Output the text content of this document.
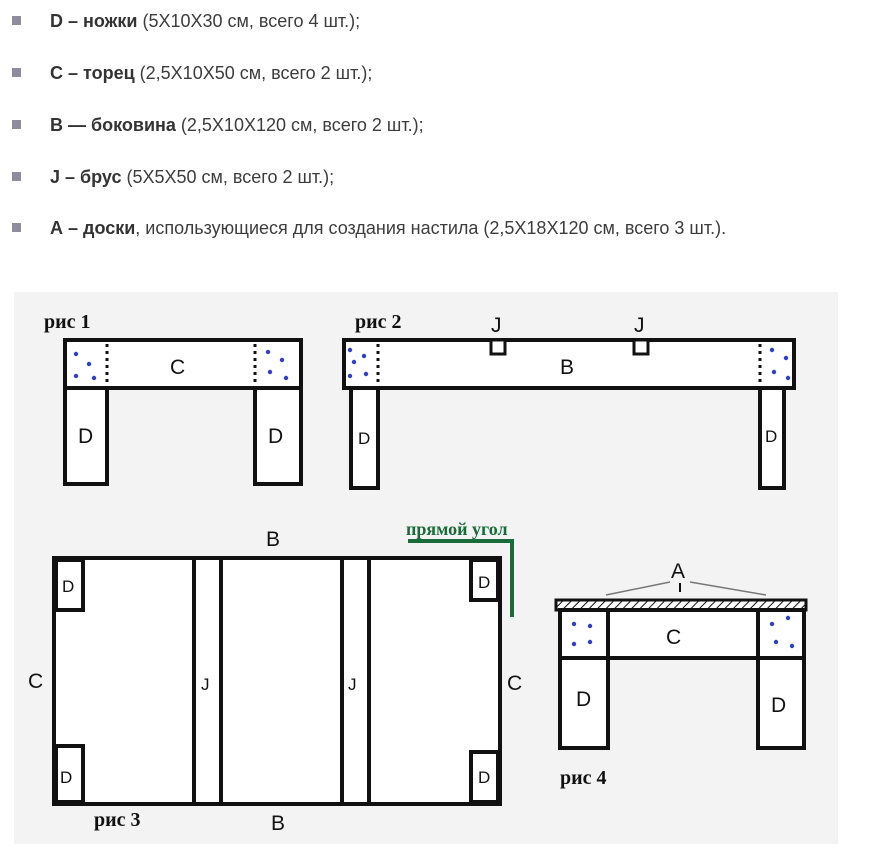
D – ножки (5Х10Х30 см, всего 4 шт.);
С – торец (2,5Х10Х50 см, всего 2 шт.);
В — боковина (2,5Х10Х120 см, всего 2 шт.);
J – брус (5Х5Х50 см, всего 2 шт.);
А – доски, использующиеся для создания настила (2,5Х18Х120 см, всего 3 шт.).
рис 1
C
D	D
рис 2	J	J
B
D	D
D	D
D	D
J	J
B
B
C	C
рис 3
прямой угол
A
C
D	D
рис 4
